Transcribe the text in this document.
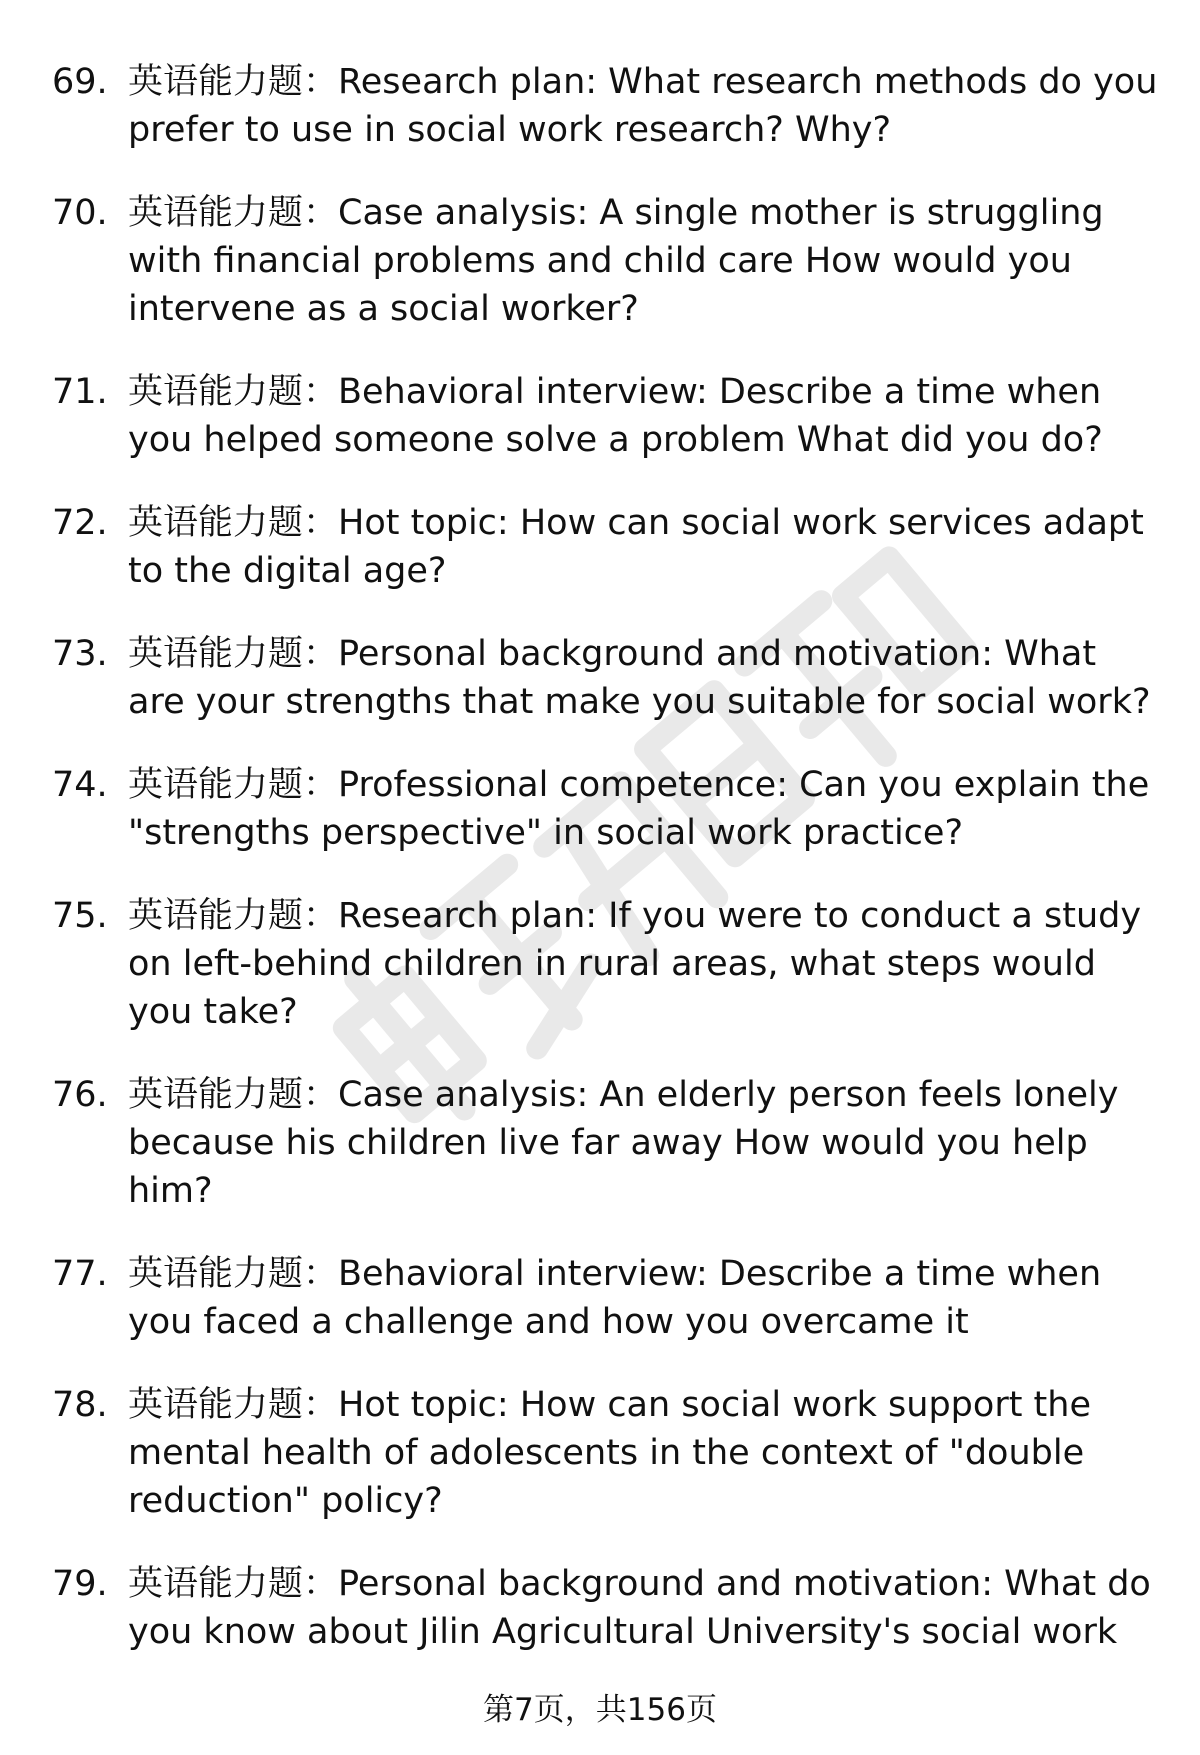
69. 英语能力题：Research plan: What research methods do you prefer to use in social work research? Why?
70. 英语能力题：Case analysis: A single mother is struggling with financial problems and child care How would you intervene as a social worker?
71. 英语能力题：Behavioral interview: Describe a time when you helped someone solve a problem What did you do?
72. 英语能力题：Hot topic: How can social work services adapt to the digital age?
73. 英语能力题：Personal background and motivation: What are your strengths that make you suitable for social work?
74. 英语能力题：Professional competence: Can you explain the "strengths perspective" in social work practice?
75. 英语能力题：Research plan: If you were to conduct a study on left-behind children in rural areas, what steps would you take?
76. 英语能力题：Case analysis: An elderly person feels lonely because his children live far away How would you help him?
77. 英语能力题：Behavioral interview: Describe a time when you faced a challenge and how you overcame it
78. 英语能力题：Hot topic: How can social work support the mental health of adolescents in the context of "double reduction" policy?
79. 英语能力题：Personal background and motivation: What do you know about Jilin Agricultural University's social work
第7页，共156页
